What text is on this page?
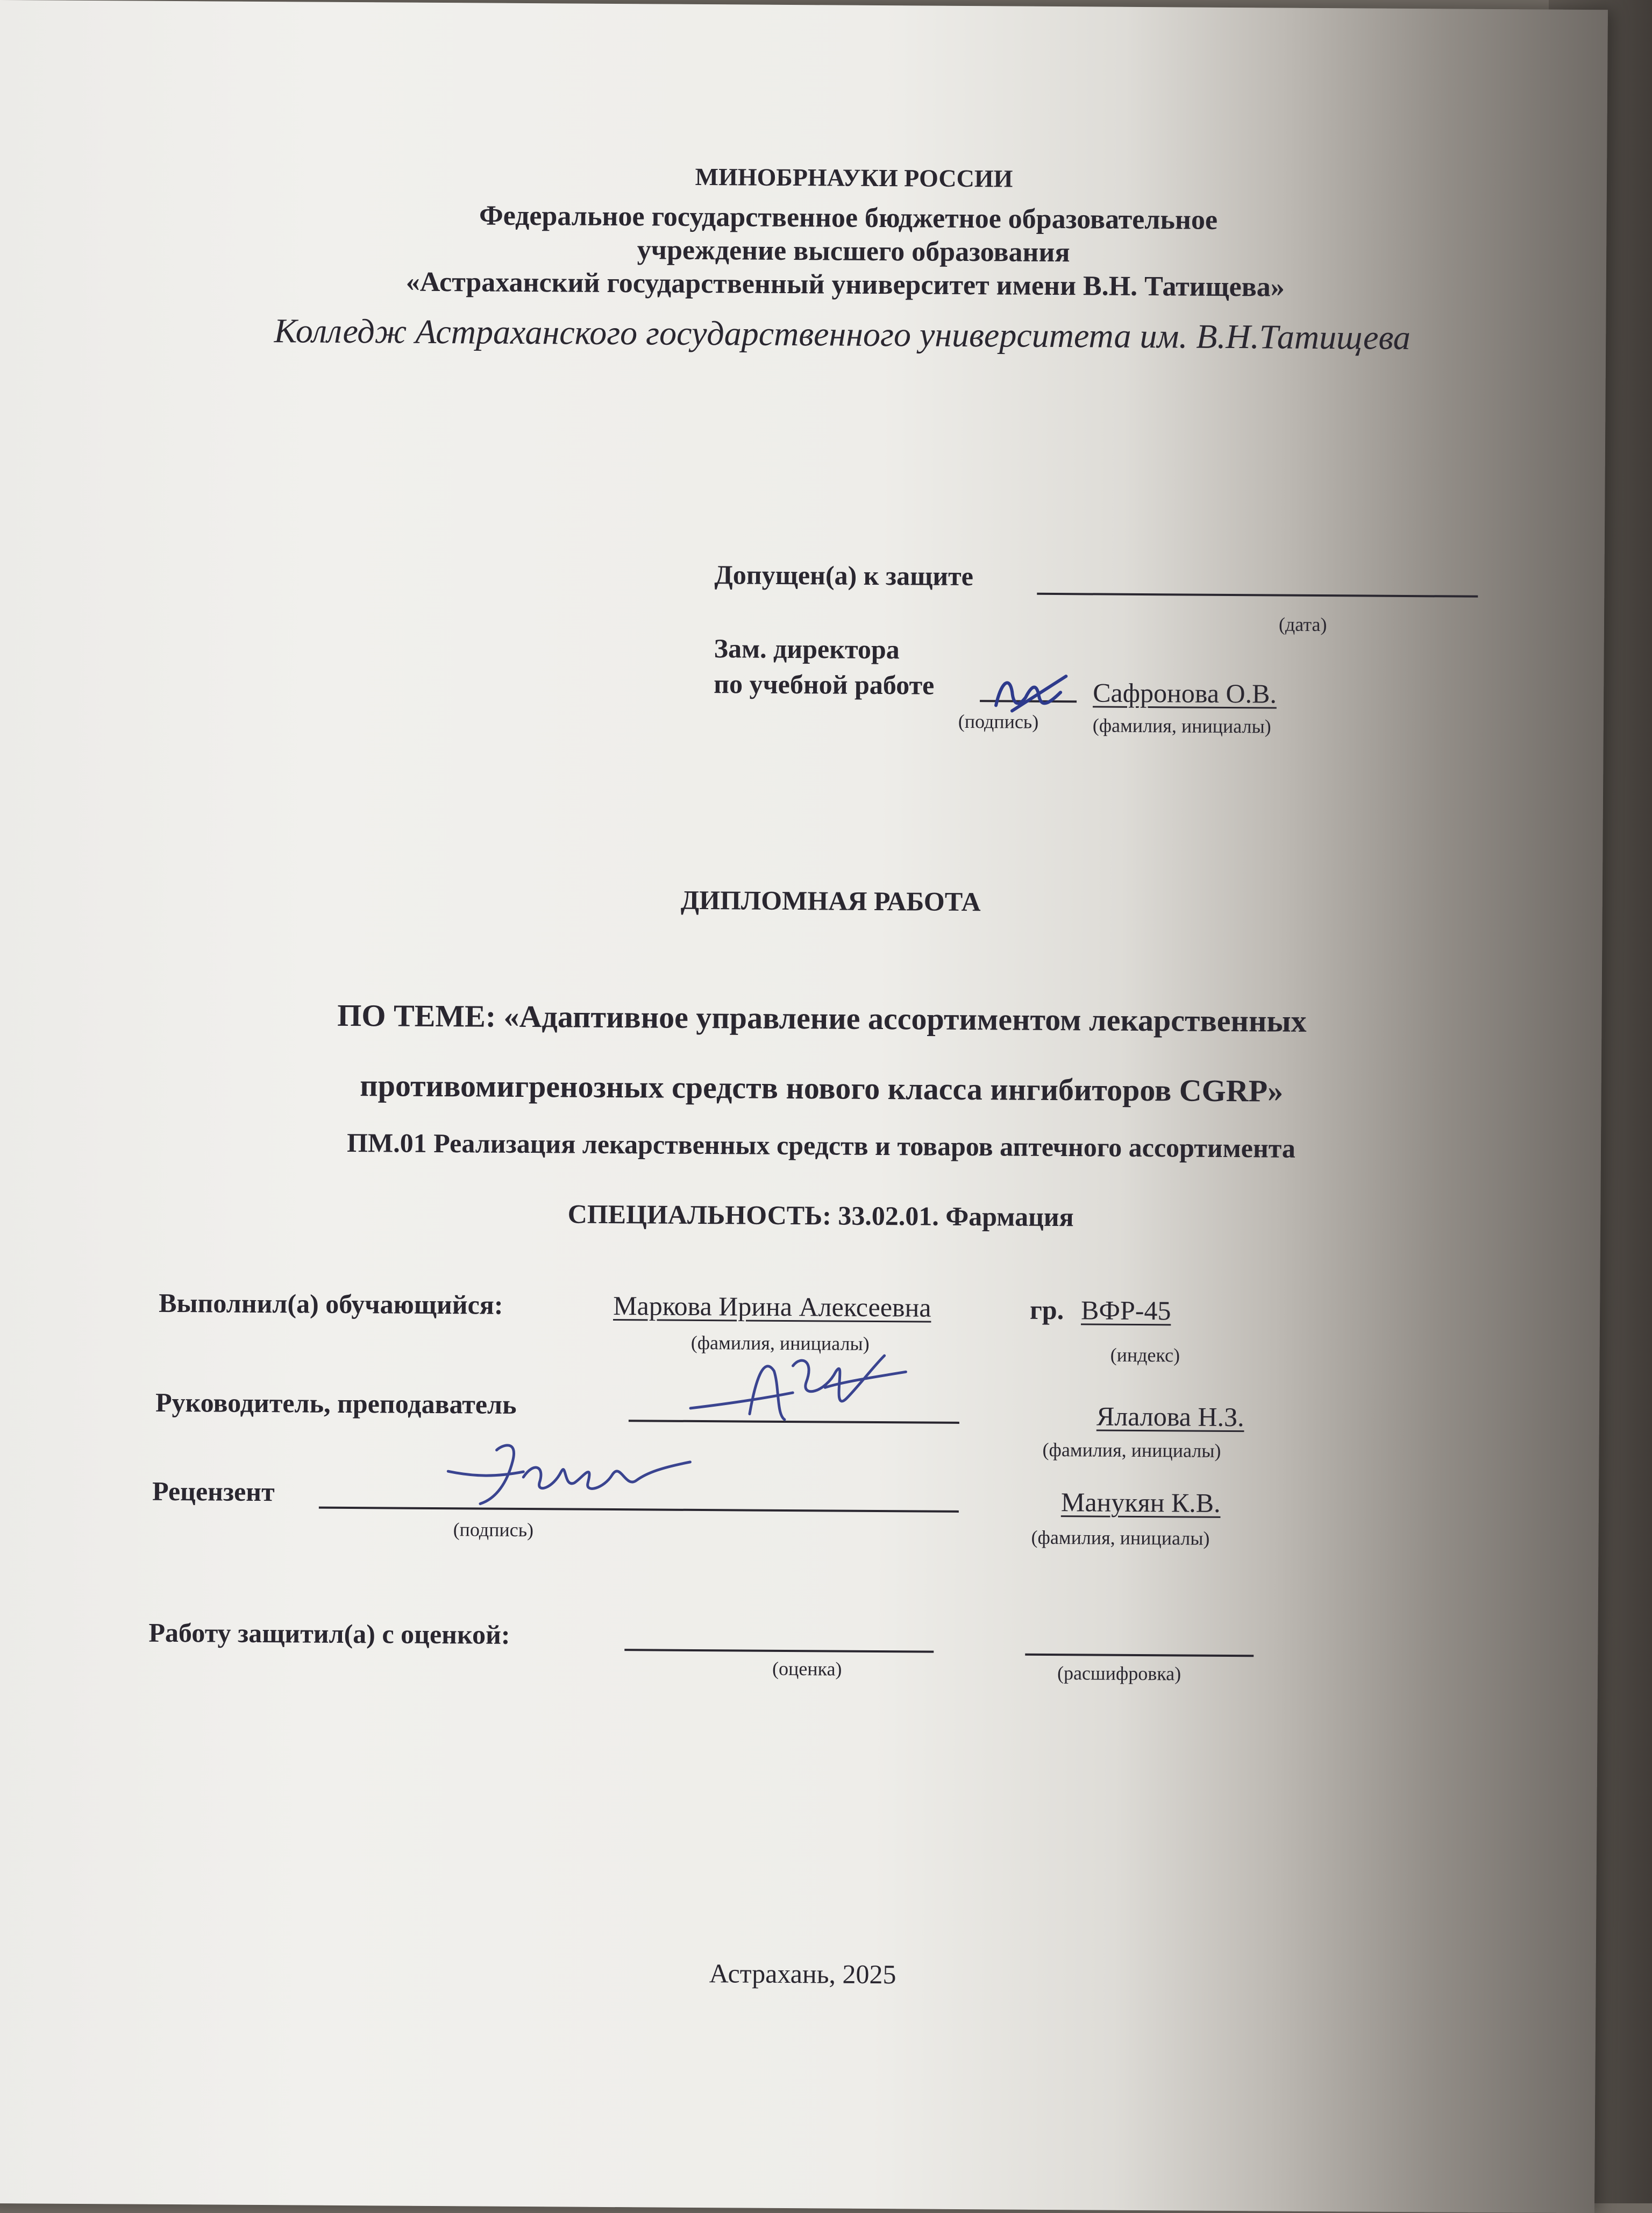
МИНОБРНАУКИ РОССИИ
Федеральное государственное бюджетное образовательное
учреждение высшего образования
«Астраханский государственный университет имени В.Н. Татищева»
Колледж Астраханского государственного университета им. В.Н.Татищева
Допущен(а) к защите
(дата)
Зам. директора
по учебной работе
(подпись)
Сафронова О.В.
(фамилия, инициалы)
ДИПЛОМНАЯ РАБОТА
ПО ТЕМЕ: «Адаптивное управление ассортиментом лекарственных
противомигренозных средств нового класса ингибиторов CGRP»
ПМ.01 Реализация лекарственных средств и товаров аптечного ассортимента
СПЕЦИАЛЬНОСТЬ: 33.02.01. Фармация
Выполнил(а) обучающийся:	Маркова Ирина Алексеевна
(фамилия, инициалы)
гр. ВФР-45
(индекс)
Руководитель, преподаватель	Ялалова Н.З.
(фамилия, инициалы)
Рецензент
(подпись)
Манукян К.В.
(фамилия, инициалы)
Работу защитил(а) с оценкой:
(оценка)	(расшифровка)
Астрахань, 2025
